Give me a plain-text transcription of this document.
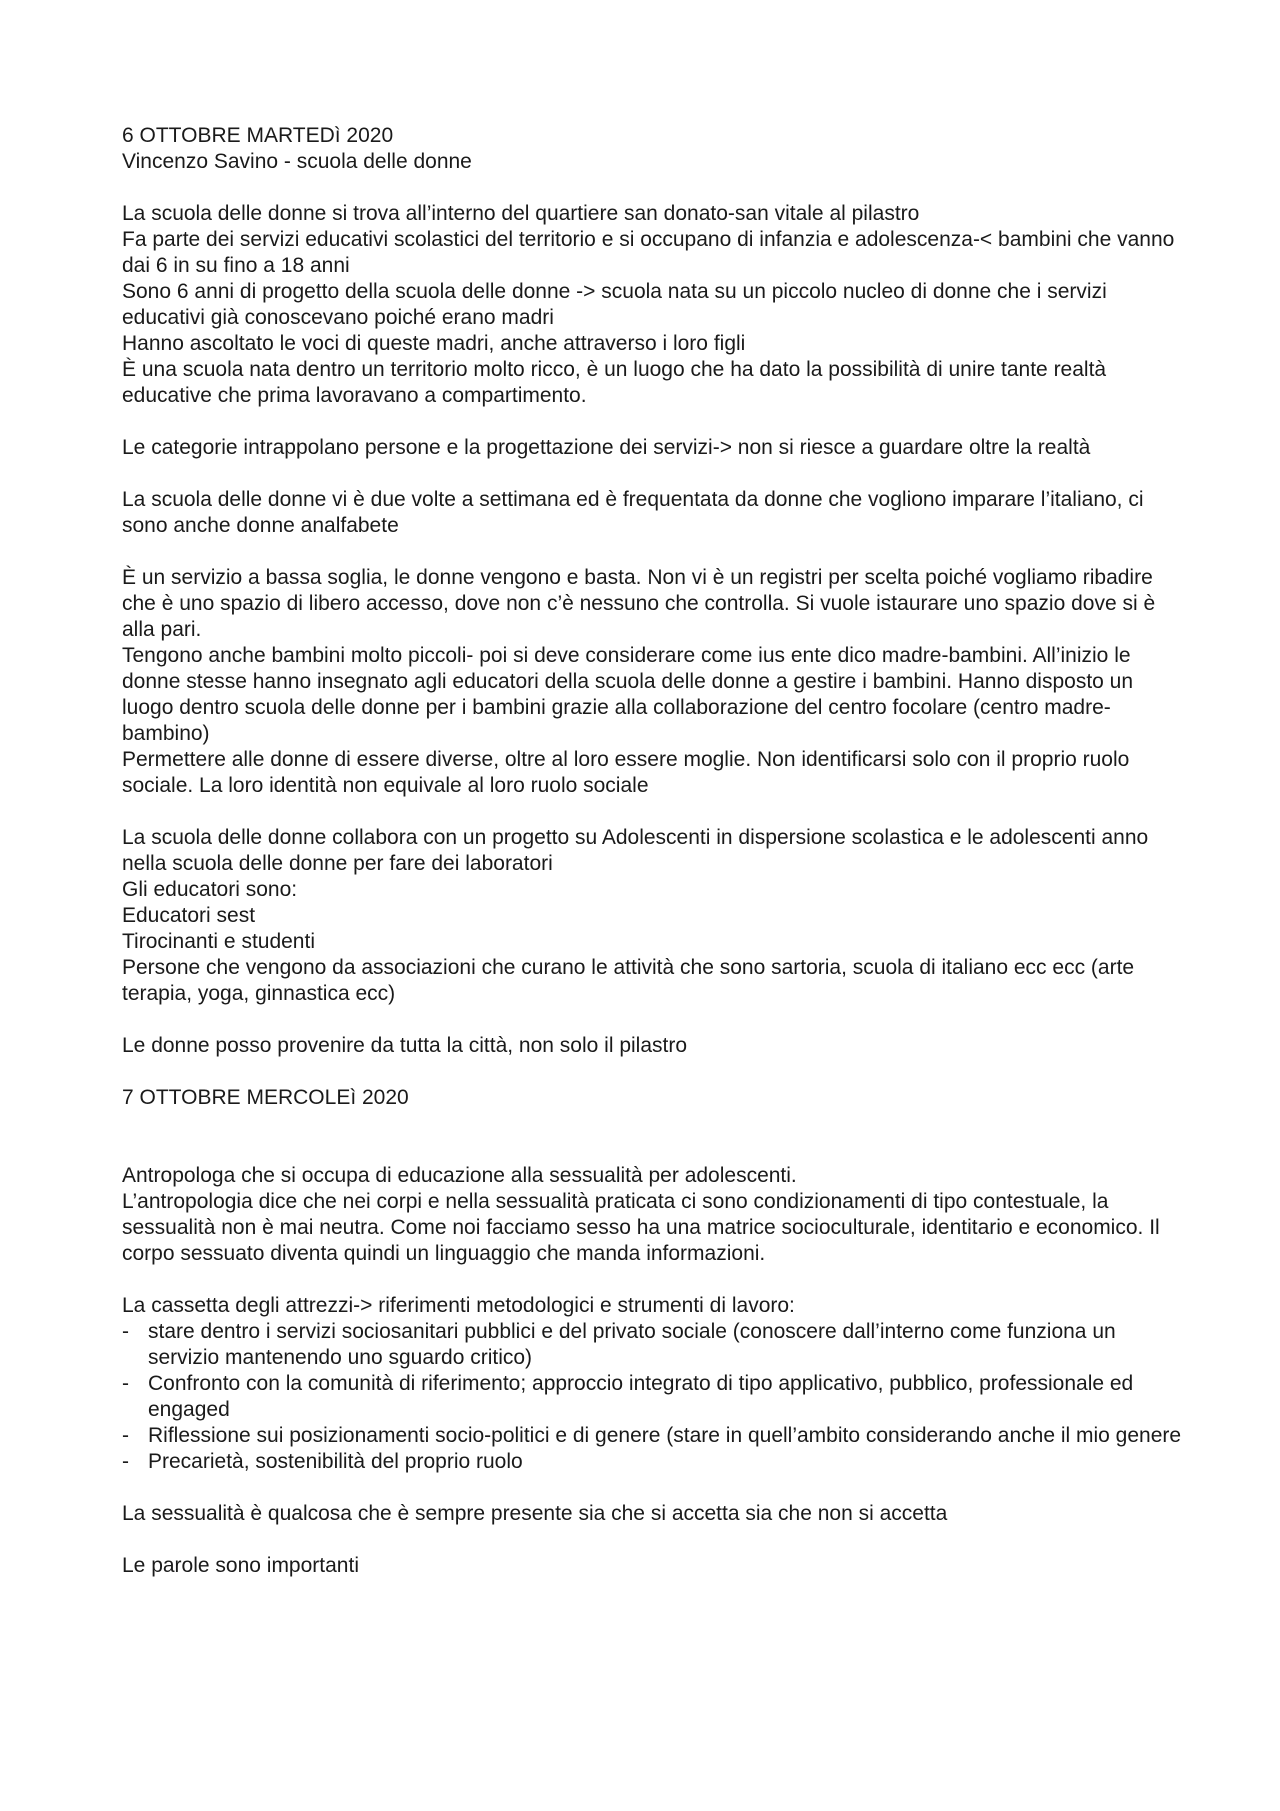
6 OTTOBRE MARTEDì 2020
Vincenzo Savino - scuola delle donne
La scuola delle donne si trova all’interno del quartiere san donato-san vitale al pilastro
Fa parte dei servizi educativi scolastici del territorio e si occupano di infanzia e adolescenza-< bambini che vanno dai 6 in su fino a 18 anni
Sono 6 anni di progetto della scuola delle donne -> scuola nata su un piccolo nucleo di donne che i servizi educativi già conoscevano poiché erano madri
Hanno ascoltato le voci di queste madri, anche attraverso i loro figli
È una scuola nata dentro un territorio molto ricco, è un luogo che ha dato la possibilità di unire tante realtà educative che prima lavoravano a compartimento.
Le categorie intrappolano persone e la progettazione dei servizi-> non si riesce a guardare oltre la realtà
La scuola delle donne vi è due volte a settimana ed è frequentata da donne che vogliono imparare l’italiano, ci sono anche donne analfabete
È un servizio a bassa soglia, le donne vengono e basta. Non vi è un registri per scelta poiché vogliamo ribadire che è uno spazio di libero accesso, dove non c’è nessuno che controlla. Si vuole istaurare uno spazio dove si è alla pari.
Tengono anche bambini molto piccoli- poi si deve considerare come ius ente dico madre-bambini. All’inizio le donne stesse hanno insegnato agli educatori della scuola delle donne a gestire i bambini. Hanno disposto un luogo dentro scuola delle donne per i bambini grazie alla collaborazione del centro focolare (centro madre-bambino)
Permettere alle donne di essere diverse, oltre al loro essere moglie. Non identificarsi solo con il proprio ruolo sociale. La loro identità non equivale al loro ruolo sociale
La scuola delle donne collabora con un progetto su Adolescenti in dispersione scolastica e le adolescenti anno nella scuola delle donne per fare dei laboratori
Gli educatori sono:
Educatori sest
Tirocinanti e studenti
Persone che vengono da associazioni che curano le attività che sono sartoria, scuola di italiano ecc ecc (arte terapia, yoga, ginnastica ecc)
Le donne posso provenire da tutta la città, non solo il pilastro
7 OTTOBRE MERCOLEì 2020
Antropologa che si occupa di educazione alla sessualità per adolescenti.
L’antropologia dice che nei corpi e nella sessualità praticata ci sono condizionamenti di tipo contestuale, la sessualità non è mai neutra. Come noi facciamo sesso ha una matrice socioculturale, identitario e economico. Il corpo sessuato diventa quindi un linguaggio che manda informazioni.
La cassetta degli attrezzi-> riferimenti metodologici e strumenti di lavoro:
- stare dentro i servizi sociosanitari pubblici e del privato sociale (conoscere dall’interno come funziona un servizio mantenendo uno sguardo critico)
- Confronto con la comunità di riferimento; approccio integrato di tipo applicativo, pubblico, professionale ed engaged
- Riflessione sui posizionamenti socio-politici e di genere (stare in quell’ambito considerando anche il mio genere
- Precarietà, sostenibilità del proprio ruolo
La sessualità è qualcosa che è sempre presente sia che si accetta sia che non si accetta
Le parole sono importanti
